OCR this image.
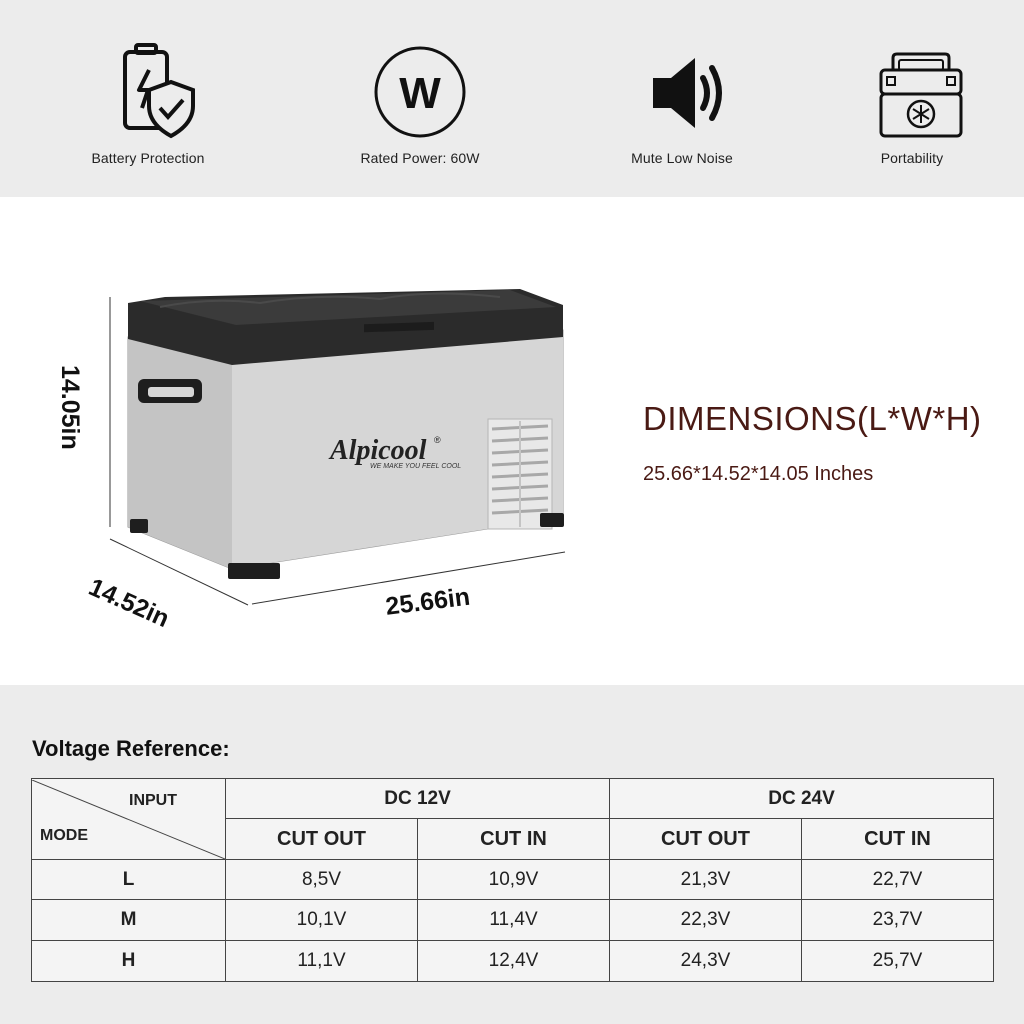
Battery Protection
W
Rated Power: 60W	Mute Low Noise	Portability
Alpicool ®
WE MAKE YOU FEEL COOL
14.05in
14.52in	25.66in
DIMENSIONS(L*W*H)
25.66*14.52*14.05 Inches
Voltage Reference:
INPUT
MODE	DC 12V		DC 24V	
	CUT OUT	CUT IN	CUT OUT	CUT IN
L	8,5V	10,9V	21,3V	22,7V
M	10,1V	11,4V	22,3V	23,7V
H	11,1V	12,4V	24,3V	25,7V
